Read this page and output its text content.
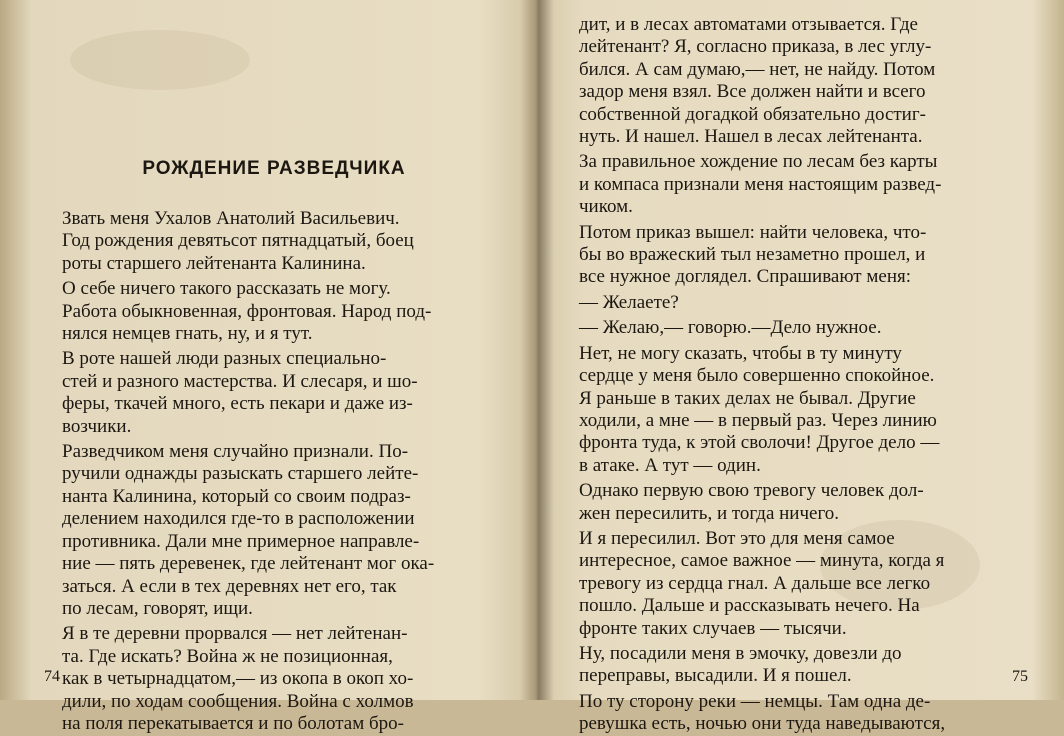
РОЖДЕНИЕ РАЗВЕДЧИКА
Звать меня Ухалов Анатолий Васильевич.
Год рождения девятьсот пятнадцатый, боец
роты старшего лейтенанта Калинина.
О себе ничего такого рассказать не могу.
Работа обыкновенная, фронтовая. Народ под-
нялся немцев гнать, ну, и я тут.
В роте нашей люди разных специально-
стей и разного мастерства. И слесаря, и шо-
феры, ткачей много, есть пекари и даже из-
возчики.
Разведчиком меня случайно признали. По-
ручили однажды разыскать старшего лейте-
нанта Калинина, который со своим подраз-
делением находился где-то в расположении
противника. Дали мне примерное направле-
ние — пять деревенек, где лейтенант мог ока-
заться. А если в тех деревнях нет его, так
по лесам, говорят, ищи.
Я в те деревни прорвался — нет лейтенан-
та. Где искать? Война ж не позиционная,
как в четырнадцатом,— из окопа в окоп хо-
дили, по ходам сообщения. Война с холмов
на поля перекатывается и по болотам бро-
74
дит, и в лесах автоматами отзывается. Где
лейтенант? Я, согласно приказа, в лес углу-
бился. А сам думаю,— нет, не найду. Потом
задор меня взял. Все должен найти и всего
собственной догадкой обязательно достиг-
нуть. И нашел. Нашел в лесах лейтенанта.
За правильное хождение по лесам без карты
и компаса признали меня настоящим развед-
чиком.
Потом приказ вышел: найти человека, что-
бы во вражеский тыл незаметно прошел, и
все нужное доглядел. Спрашивают меня:
— Желаете?
— Желаю,— говорю.—Дело нужное.
Нет, не могу сказать, чтобы в ту минуту
сердце у меня было совершенно спокойное.
Я раньше в таких делах не бывал. Другие
ходили, а мне — в первый раз. Через линию
фронта туда, к этой сволочи! Другое дело —
в атаке. А тут — один.
Однако первую свою тревогу человек дол-
жен пересилить, и тогда ничего.
И я пересилил. Вот это для меня самое
интересное, самое важное — минута, когда я
тревогу из сердца гнал. А дальше все легко
пошло. Дальше и рассказывать нечего. На
фронте таких случаев — тысячи.
Ну, посадили меня в эмочку, довезли до
переправы, высадили. И я пошел.
По ту сторону реки — немцы. Там одна де-
ревушка есть, ночью они туда наведываются,
75
